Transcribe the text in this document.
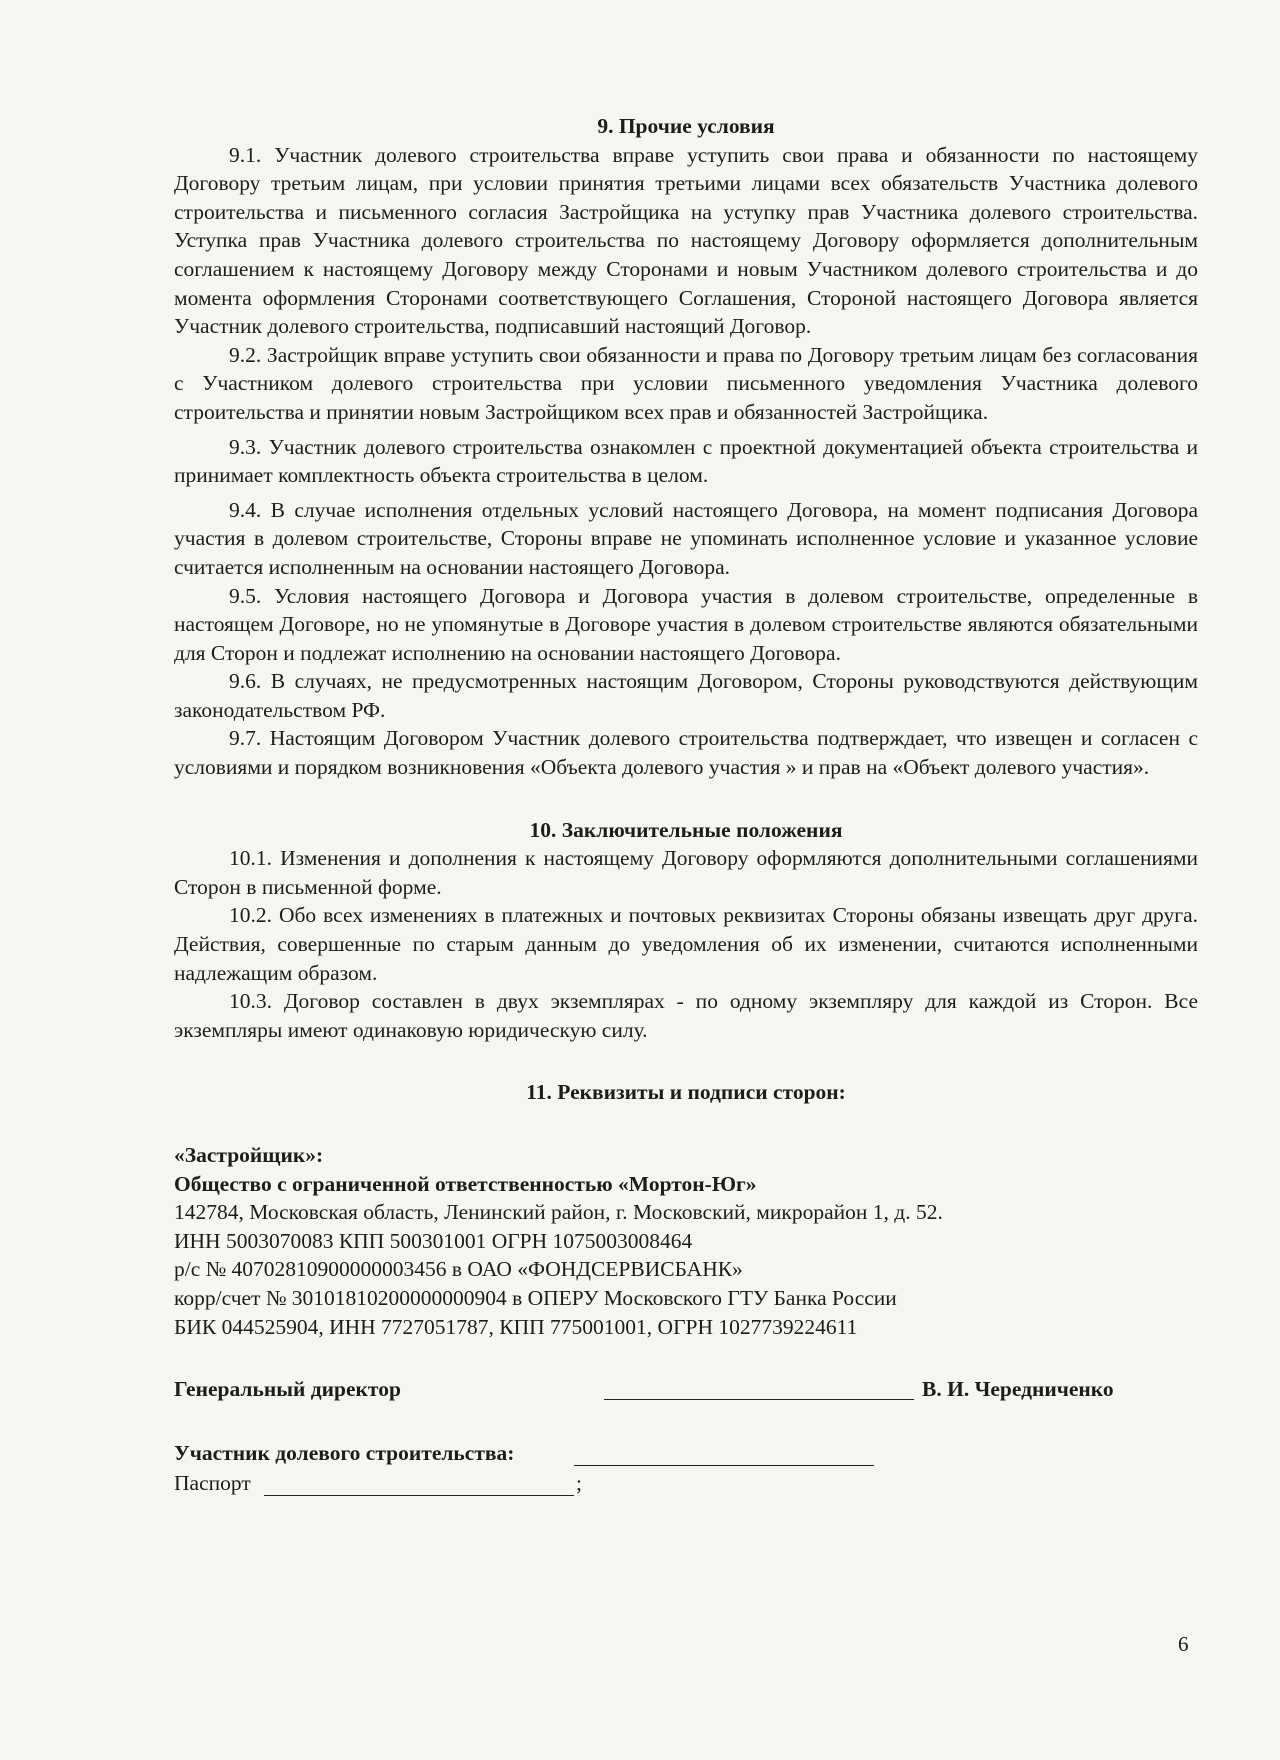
9. Прочие условия

9.1. Участник долевого строительства вправе уступить свои права и обязанности по настоящему Договору третьим лицам, при условии принятия третьими лицами всех обязательств Участника долевого строительства и письменного согласия Застройщика на уступку прав Участника долевого строительства. Уступка прав Участника долевого строительства по настоящему Договору оформляется дополнительным соглашением к настоящему Договору между Сторонами и новым Участником долевого строительства и до момента оформления Сторонами соответствующего Соглашения, Стороной настоящего Договора является Участник долевого строительства, подписавший настоящий Договор.

9.2. Застройщик вправе уступить свои обязанности и права по Договору третьим лицам без согласования с Участником долевого строительства при условии письменного уведомления Участника долевого строительства и принятии новым Застройщиком всех прав и обязанностей Застройщика.

9.3. Участник долевого строительства ознакомлен с проектной документацией объекта строительства и принимает комплектность объекта строительства в целом.

9.4. В случае исполнения отдельных условий настоящего Договора, на момент подписания Договора участия в долевом строительстве, Стороны вправе не упоминать исполненное условие и указанное условие считается исполненным на основании настоящего Договора.

9.5. Условия настоящего Договора и Договора участия в долевом строительстве, определенные в настоящем Договоре, но не упомянутые в Договоре участия в долевом строительстве являются обязательными для Сторон и подлежат исполнению на основании настоящего Договора.

9.6. В случаях, не предусмотренных настоящим Договором, Стороны руководствуются действующим законодательством РФ.

9.7. Настоящим Договором Участник долевого строительства подтверждает, что извещен и согласен с условиями и порядком возникновения «Объекта долевого участия » и прав на «Объект долевого участия».

10. Заключительные положения

10.1. Изменения и дополнения к настоящему Договору оформляются дополнительными соглашениями Сторон в письменной форме.

10.2. Обо всех изменениях в платежных и почтовых реквизитах Стороны обязаны извещать друг друга. Действия, совершенные по старым данным до уведомления об их изменении, считаются исполненными надлежащим образом.

10.3. Договор составлен в двух экземплярах - по одному экземпляру для каждой из Сторон. Все экземпляры имеют одинаковую юридическую силу.

11. Реквизиты и подписи сторон:

«Застройщик»:

Общество с ограниченной ответственностью «Мортон-Юг»

142784, Московская область, Ленинский район, г. Московский, микрорайон 1, д. 52.

ИНН 5003070083 КПП 500301001 ОГРН 1075003008464

р/с № 40702810900000003456 в ОАО «ФОНДСЕРВИСБАНК»

корр/счет № 30101810200000000904 в ОПЕРУ Московского ГТУ Банка России

БИК 044525904, ИНН 7727051787, КПП 775001001, ОГРН 1027739224611

Генеральный директор	В. И. Чередниченко
Участник долевого строительства:
Паспорт	;
6
